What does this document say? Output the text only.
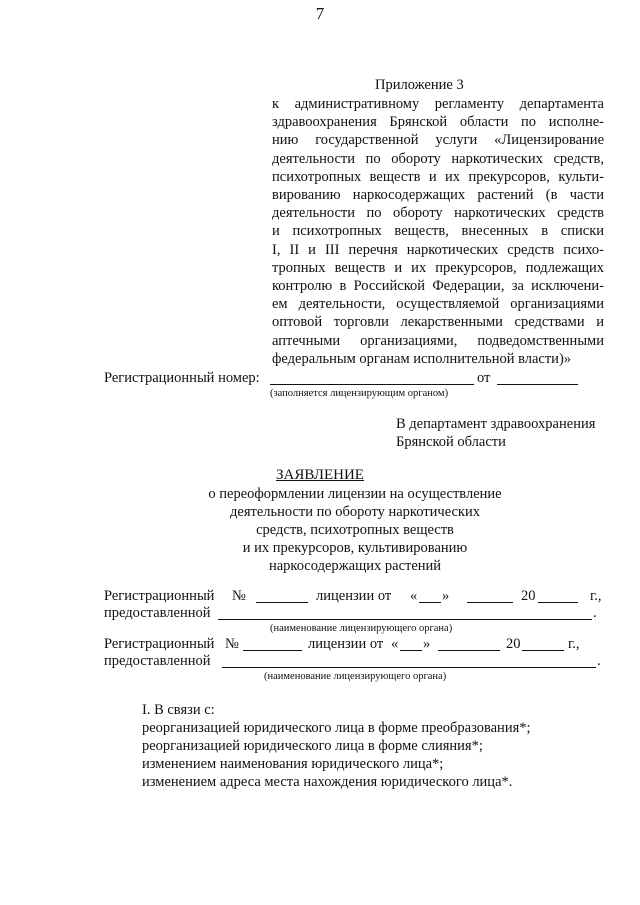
7
Приложение 3
к административному регламенту департамента
здравоохранения Брянской области по исполне-
нию государственной услуги «Лицензирование
деятельности по обороту наркотических средств,
психотропных веществ и их прекурсоров, культи-
вированию наркосодержащих растений (в части
деятельности по обороту наркотических средств
и психотропных веществ, внесенных в списки
I, II и III перечня наркотических средств психо-
тропных веществ и их прекурсоров, подлежащих
контролю в Российской Федерации, за исключени-
ем деятельности, осуществляемой организациями
оптовой торговли лекарственными средствами и
аптечными организациями, подведомственными
федеральным органам исполнительной власти)»
Регистрационный номер:	от
(заполняется лицензирующим органом)
В департамент здравоохранения
Брянской области
ЗАЯВЛЕНИЕ
о переоформлении лицензии на осуществление
деятельности по обороту наркотических
средств, психотропных веществ
и их прекурсоров, культивированию
наркосодержащих растений
Регистрационный №	лицензии от « »	20	г.,
предоставленной	.
(наименование лицензирующего органа)
Регистрационный №	лицензии от « »	20	г.,
предоставленной	.
(наименование лицензирующего органа)
I. В связи с:
реорганизацией юридического лица в форме преобразования*;
реорганизацией юридического лица в форме слияния*;
изменением наименования юридического лица*;
изменением адреса места нахождения юридического лица*.
